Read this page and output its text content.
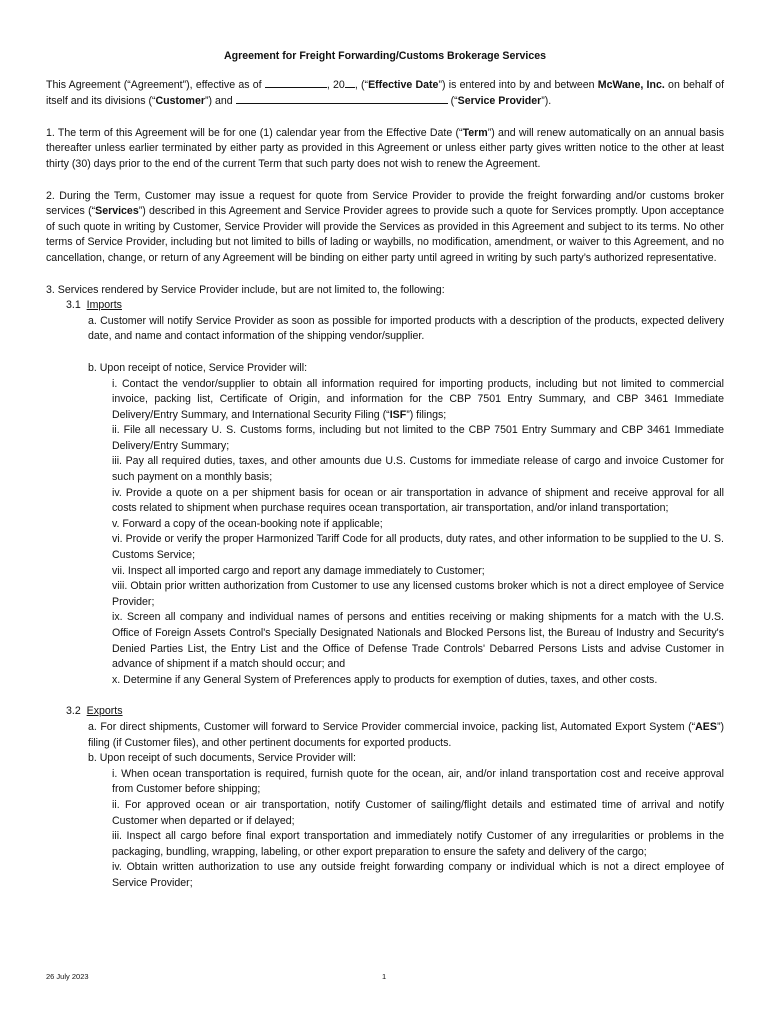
Agreement for Freight Forwarding/Customs Brokerage Services

This Agreement (“Agreement”), effective as of	, 20 , (“Effective Date”) is entered into by and between McWane, Inc. on behalf of itself and its divisions (“Customer”) and	(“Service Provider”).

1. The term of this Agreement will be for one (1) calendar year from the Effective Date (“Term”) and will renew automatically on an annual basis thereafter unless earlier terminated by either party as provided in this Agreement or unless either party gives written notice to the other at least thirty (30) days prior to the end of the current Term that such party does not wish to renew the Agreement.

2. During the Term, Customer may issue a request for quote from Service Provider to provide the freight forwarding and/or customs broker services (“Services”) described in this Agreement and Service Provider agrees to provide such a quote for Services promptly. Upon acceptance of such quote in writing by Customer, Service Provider will provide the Services as provided in this Agreement and subject to its terms. No other terms of Service Provider, including but not limited to bills of lading or waybills, no modification, amendment, or waiver to this Agreement, and no cancellation, change, or return of any Agreement will be binding on either party until agreed in writing by such party’s authorized representative.

3. Services rendered by Service Provider include, but are not limited to, the following:

3.1 Imports

a. Customer will notify Service Provider as soon as possible for imported products with a description of the products, expected delivery date, and name and contact information of the shipping vendor/supplier.

b. Upon receipt of notice, Service Provider will:

i. Contact the vendor/supplier to obtain all information required for importing products, including but not limited to commercial invoice, packing list, Certificate of Origin, and information for the CBP 7501 Entry Summary, and CBP 3461 Immediate Delivery/Entry Summary, and International Security Filing (“ISF”) filings;

ii. File all necessary U. S. Customs forms, including but not limited to the CBP 7501 Entry Summary and CBP 3461 Immediate Delivery/Entry Summary;

iii. Pay all required duties, taxes, and other amounts due U.S. Customs for immediate release of cargo and invoice Customer for such payment on a monthly basis;

iv. Provide a quote on a per shipment basis for ocean or air transportation in advance of shipment and receive approval for all costs related to shipment when purchase requires ocean transportation, air transportation, and/or inland transportation;

v. Forward a copy of the ocean-booking note if applicable;

vi. Provide or verify the proper Harmonized Tariff Code for all products, duty rates, and other information to be supplied to the U. S. Customs Service;

vii. Inspect all imported cargo and report any damage immediately to Customer;

viii. Obtain prior written authorization from Customer to use any licensed customs broker which is not a direct employee of Service Provider;

ix. Screen all company and individual names of persons and entities receiving or making shipments for a match with the U.S. Office of Foreign Assets Control's Specially Designated Nationals and Blocked Persons list, the Bureau of Industry and Security's Denied Parties List, the Entry List and the Office of Defense Trade Controls' Debarred Persons Lists and advise Customer in advance of shipment if a match should occur; and

x. Determine if any General System of Preferences apply to products for exemption of duties, taxes, and other costs.

3.2 Exports

a. For direct shipments, Customer will forward to Service Provider commercial invoice, packing list, Automated Export System (“AES”) filing (if Customer files), and other pertinent documents for exported products.

b. Upon receipt of such documents, Service Provider will:

i. When ocean transportation is required, furnish quote for the ocean, air, and/or inland transportation cost and receive approval from Customer before shipping;

ii. For approved ocean or air transportation, notify Customer of sailing/flight details and estimated time of arrival and notify Customer when departed or if delayed;

iii. Inspect all cargo before final export transportation and immediately notify Customer of any irregularities or problems in the packaging, bundling, wrapping, labeling, or other export preparation to ensure the safety and delivery of the cargo;

iv. Obtain written authorization to use any outside freight forwarding company or individual which is not a direct employee of Service Provider;

26 July 2023	1
